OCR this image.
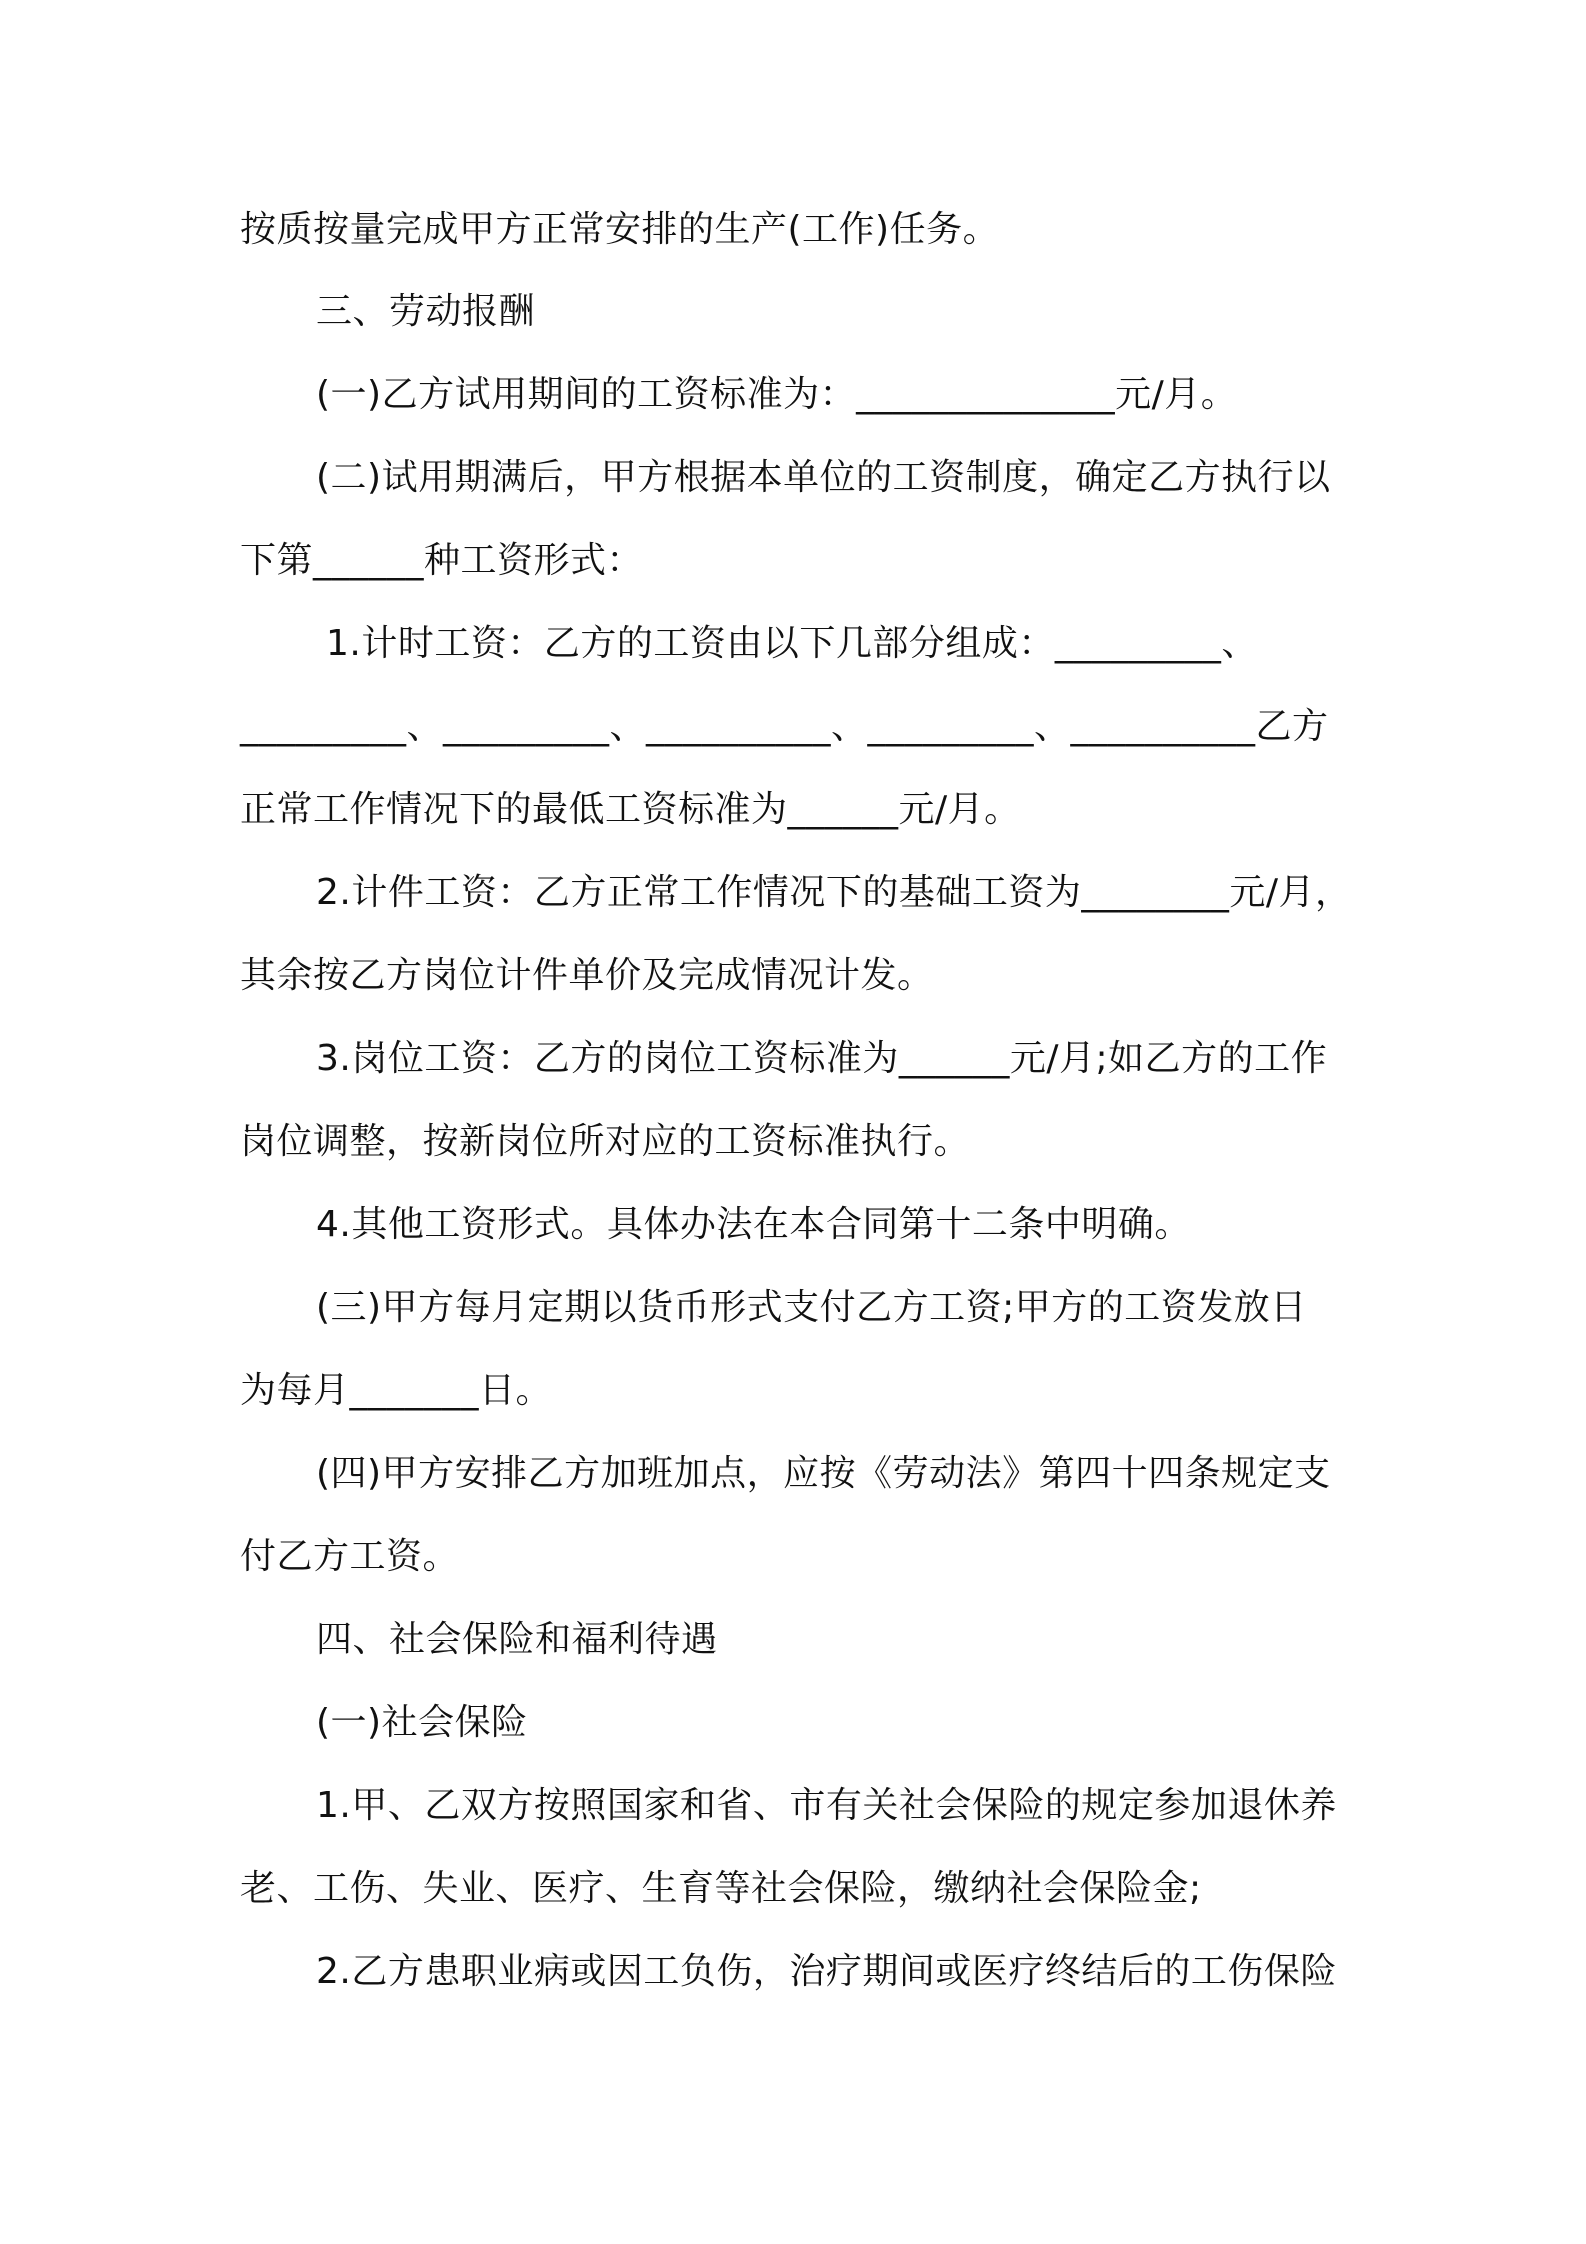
按质按量完成甲方正常安排的生产(工作)任务。
三、劳动报酬
(一)乙方试用期间的工资标准为：______________元/月。
(二)试用期满后，甲方根据本单位的工资制度，确定乙方执行以
下第______种工资形式：
1.计时工资：乙方的工资由以下几部分组成：_________、
_________、_________、__________、_________、__________乙方
正常工作情况下的最低工资标准为______元/月。
2.计件工资：乙方正常工作情况下的基础工资为________元/月，
其余按乙方岗位计件单价及完成情况计发。
3.岗位工资：乙方的岗位工资标准为______元/月;如乙方的工作
岗位调整，按新岗位所对应的工资标准执行。
4.其他工资形式。具体办法在本合同第十二条中明确。
(三)甲方每月定期以货币形式支付乙方工资;甲方的工资发放日
为每月_______日。
(四)甲方安排乙方加班加点，应按《劳动法》第四十四条规定支
付乙方工资。
四、社会保险和福利待遇
(一)社会保险
1.甲、乙双方按照国家和省、市有关社会保险的规定参加退休养
老、工伤、失业、医疗、生育等社会保险，缴纳社会保险金;
2.乙方患职业病或因工负伤，治疗期间或医疗终结后的工伤保险
